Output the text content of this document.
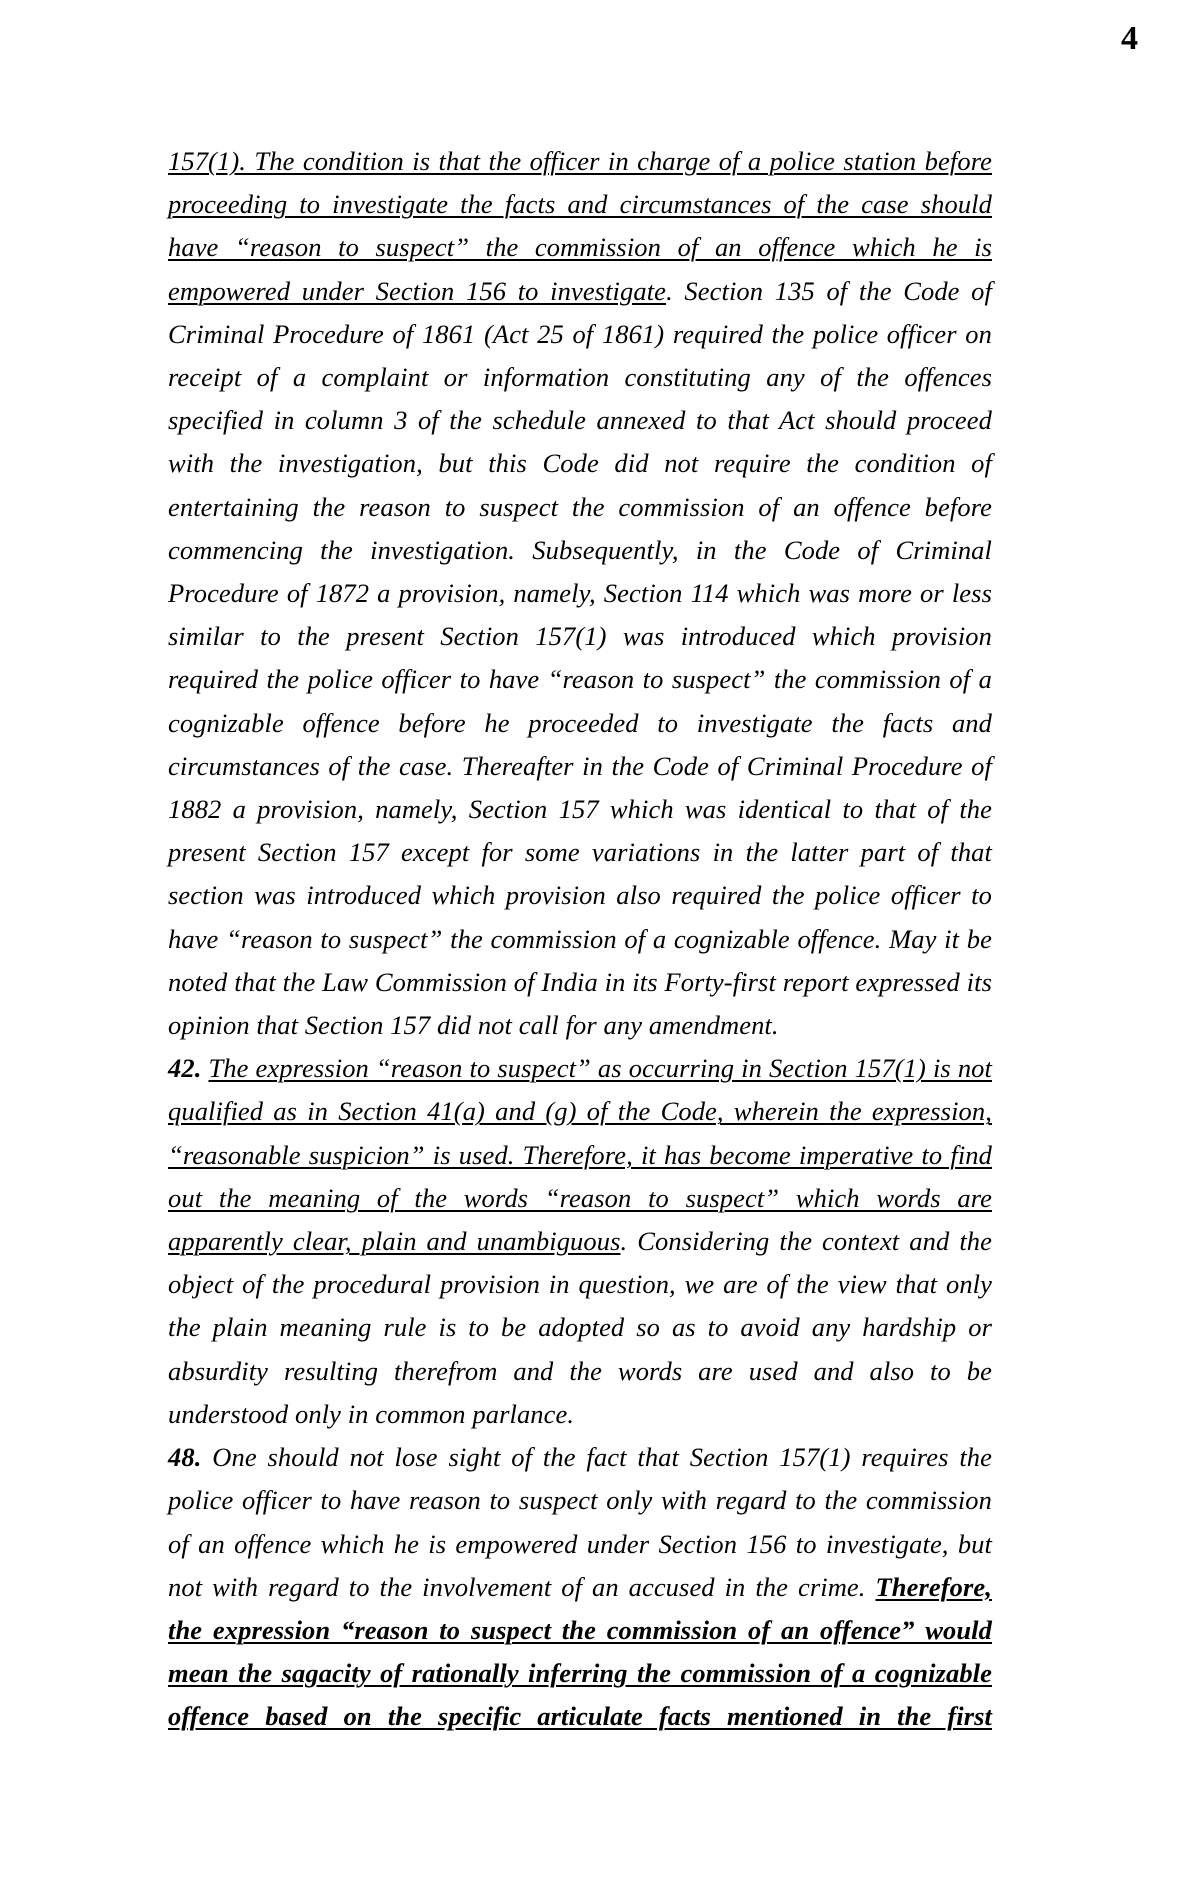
4

157(1). The condition is that the officer in charge of a police station before proceeding to investigate the facts and circumstances of the case should have “reason to suspect” the commission of an offence which he is empowered under Section 156 to investigate. Section 135 of the Code of Criminal Procedure of 1861 (Act 25 of 1861) required the police officer on receipt of a complaint or information constituting any of the offences specified in column 3 of the schedule annexed to that Act should proceed with the investigation, but this Code did not require the condition of entertaining the reason to suspect the commission of an offence before commencing the investigation. Subsequently, in the Code of Criminal Procedure of 1872 a provision, namely, Section 114 which was more or less similar to the present Section 157(1) was introduced which provision required the police officer to have “reason to suspect” the commission of a cognizable offence before he proceeded to investigate the facts and circumstances of the case. Thereafter in the Code of Criminal Procedure of 1882 a provision, namely, Section 157 which was identical to that of the present Section 157 except for some variations in the latter part of that section was introduced which provision also required the police officer to have “reason to suspect” the commission of a cognizable offence. May it be noted that the Law Commission of India in its Forty-first report expressed its opinion that Section 157 did not call for any amendment.

42. The expression “reason to suspect” as occurring in Section 157(1) is not qualified as in Section 41(a) and (g) of the Code, wherein the expression, “reasonable suspicion” is used. Therefore, it has become imperative to find out the meaning of the words “reason to suspect” which words are apparently clear, plain and unambiguous. Considering the context and the object of the procedural provision in question, we are of the view that only the plain meaning rule is to be adopted so as to avoid any hardship or absurdity resulting therefrom and the words are used and also to be understood only in common parlance.

48. One should not lose sight of the fact that Section 157(1) requires the police officer to have reason to suspect only with regard to the commission of an offence which he is empowered under Section 156 to investigate, but not with regard to the involvement of an accused in the crime. Therefore, the expression “reason to suspect the commission of an offence” would mean the sagacity of rationally inferring the commission of a cognizable offence based on the specific articulate facts mentioned in the first
